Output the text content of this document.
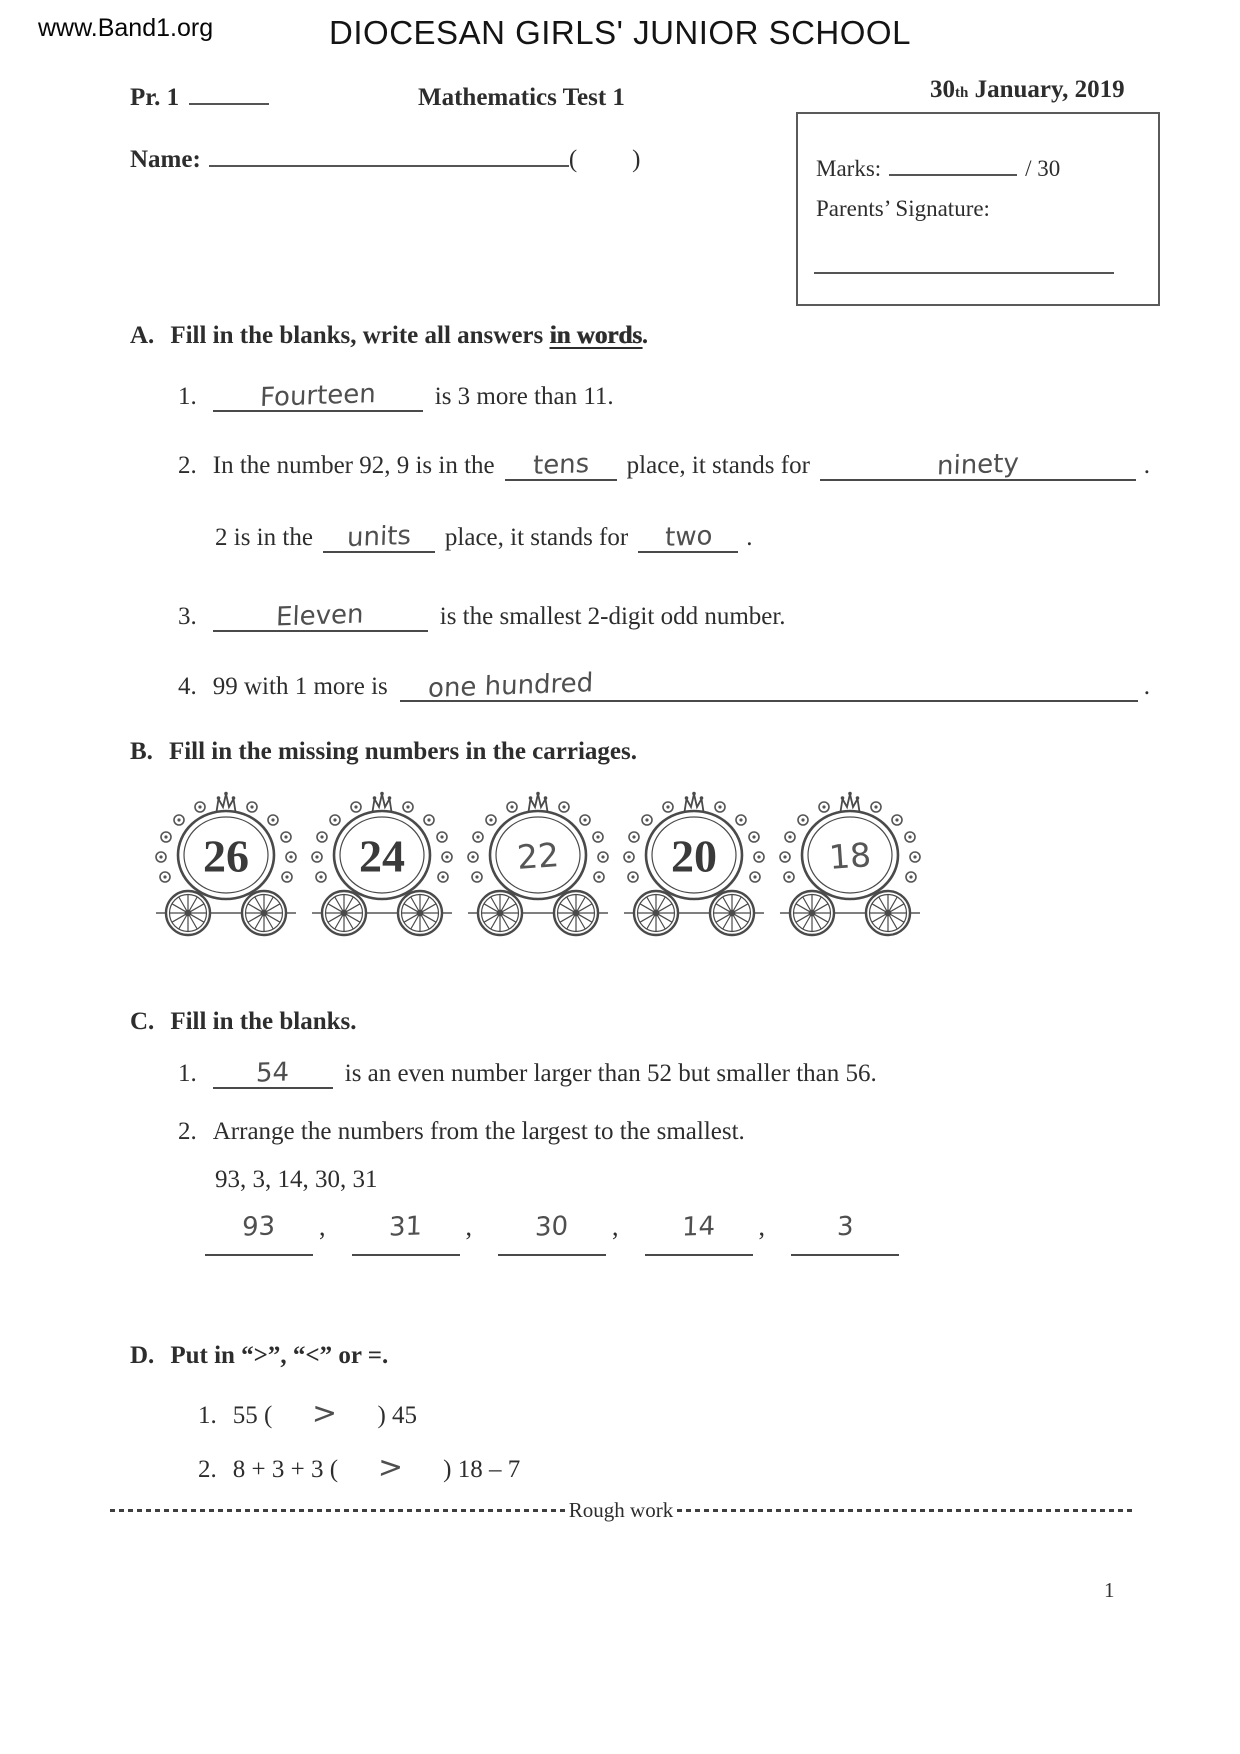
www.Band1.org	DIOCESAN GIRLS' JUNIOR SCHOOL
Pr. 1	Mathematics Test 1	30 th January, 2019
Name:	( )	Marks:	/ 30
Parents’ Signature:
A. Fill in the blanks, write all answers in words .
1.	Fourteen	is 3 more than 11.
2. In the number 92, 9 is in the	tens	place, it stands for	ninety	.
2 is in the	units	place, it stands for	two	.
3.	Eleven	is the smallest 2-digit odd number.
4. 99 with 1 more is	one hundred	.
B. Fill in the missing numbers in the carriages.
26 24	22 20	18
C. Fill in the blanks.
1.	54	is an even number larger than 52 but smaller than 56.
2. Arrange the numbers from the largest to the smallest.
93, 3, 14, 30, 31
93	,	31	,	30	,	14	,	3
D. Put in “>”, “<” or =.
1. 55 ( > ) 45
2. 8 + 3 + 3 ( > ) 18 – 7
Rough work
1
